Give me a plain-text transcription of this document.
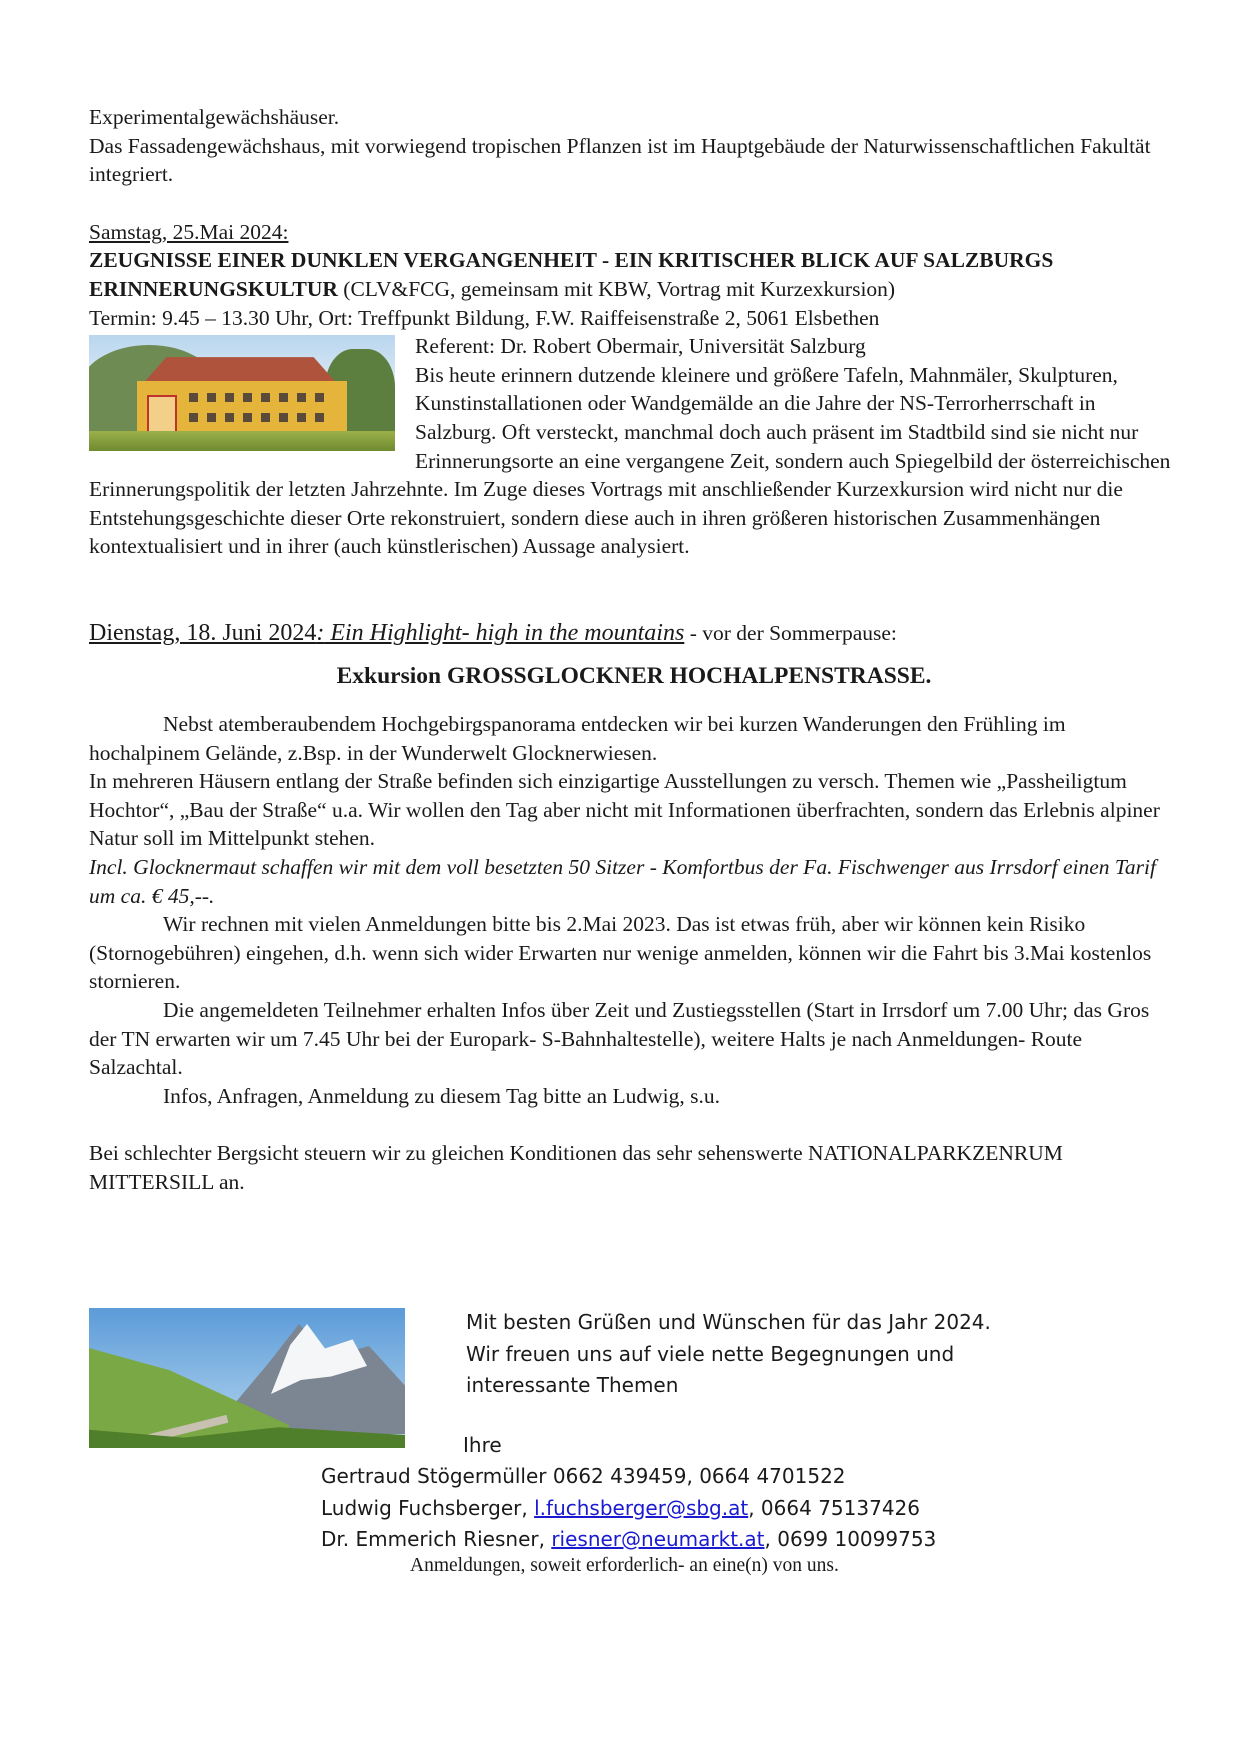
Experimentalgewächshäuser.

Das Fassadengewächshaus, mit vorwiegend tropischen Pflanzen ist im Hauptgebäude der Naturwissenschaftlichen Fakultät integriert.

Samstag, 25.Mai 2024:

ZEUGNISSE EINER DUNKLEN VERGANGENHEIT - EIN KRITISCHER BLICK AUF SALZBURGS ERINNERUNGSKULTUR (CLV&FCG, gemeinsam mit KBW, Vortrag mit Kurzexkursion)

Termin: 9.45 – 13.30 Uhr, Ort: Treffpunkt Bildung, F.W. Raiffeisenstraße 2, 5061 Elsbethen

Referent: Dr. Robert Obermair, Universität Salzburg

Bis heute erinnern dutzende kleinere und größere Tafeln, Mahnmäler, Skulpturen, Kunstinstallationen oder Wandgemälde an die Jahre der NS-Terrorherrschaft in Salzburg. Oft versteckt, manchmal doch auch präsent im Stadtbild sind sie nicht nur Erinnerungsorte an eine vergangene Zeit, sondern auch Spiegelbild der österreichischen Erinnerungspolitik der letzten Jahrzehnte. Im Zuge dieses Vortrags mit anschließender Kurzexkursion wird nicht nur die Entstehungsgeschichte dieser Orte rekonstruiert, sondern diese auch in ihren größeren historischen Zusammenhängen kontextualisiert und in ihrer (auch künstlerischen) Aussage analysiert.

Dienstag, 18. Juni 2024: Ein Highlight- high in the mountains - vor der Sommerpause:

Exkursion GROSSGLOCKNER HOCHALPENSTRASSE.

Nebst atemberaubendem Hochgebirgspanorama entdecken wir bei kurzen Wanderungen den Frühling im hochalpinem Gelände, z.Bsp. in der Wunderwelt Glocknerwiesen.

In mehreren Häusern entlang der Straße befinden sich einzigartige Ausstellungen zu versch. Themen wie „Passheiligtum Hochtor“, „Bau der Straße“ u.a. Wir wollen den Tag aber nicht mit Informationen überfrachten, sondern das Erlebnis alpiner Natur soll im Mittelpunkt stehen.

Incl. Glocknermaut schaffen wir mit dem voll besetzten 50 Sitzer - Komfortbus der Fa. Fischwenger aus Irrsdorf einen Tarif um ca. € 45,--.

Wir rechnen mit vielen Anmeldungen bitte bis 2.Mai 2023. Das ist etwas früh, aber wir können kein Risiko (Stornogebühren) eingehen, d.h. wenn sich wider Erwarten nur wenige anmelden, können wir die Fahrt bis 3.Mai kostenlos stornieren.

Die angemeldeten Teilnehmer erhalten Infos über Zeit und Zustiegsstellen (Start in Irrsdorf um 7.00 Uhr; das Gros der TN erwarten wir um 7.45 Uhr bei der Europark- S-Bahnhaltestelle), weitere Halts je nach Anmeldungen- Route Salzachtal.

Infos, Anfragen, Anmeldung zu diesem Tag bitte an Ludwig, s.u.

Bei schlechter Bergsicht steuern wir zu gleichen Konditionen das sehr sehenswerte NATIONALPARKZENRUM MITTERSILL an.

Mit besten Grüßen und Wünschen für das Jahr 2024.
Wir freuen uns auf viele nette Begegnungen und
interessante Themen
Ihre
Gertraud Stögermüller 0662 439459, 0664 4701522
Ludwig Fuchsberger, l.fuchsberger@sbg.at, 0664 75137426
Dr. Emmerich Riesner, riesner@neumarkt.at, 0699 10099753
Anmeldungen, soweit erforderlich- an eine(n) von uns.
